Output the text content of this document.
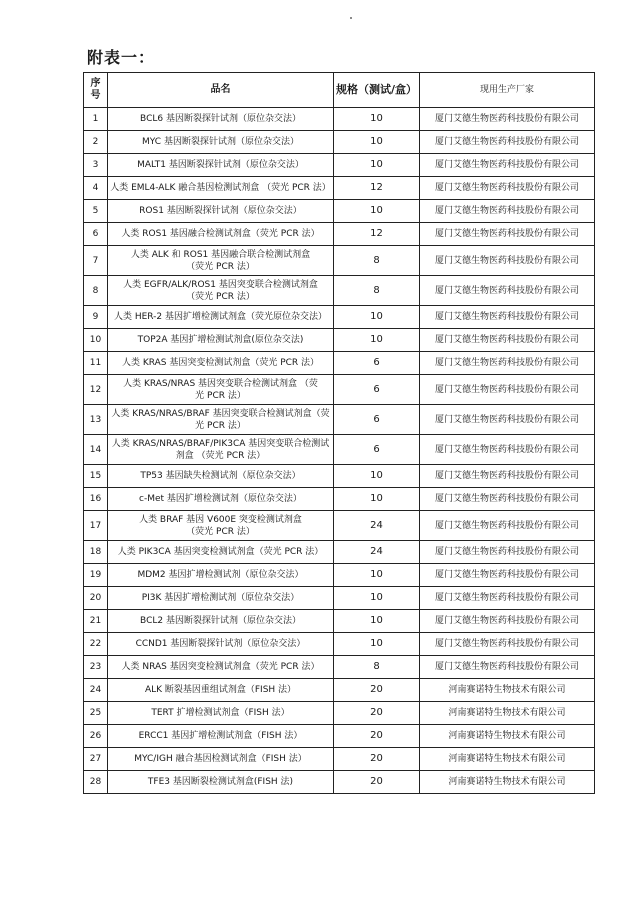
附表一：
序
号	品名	规格（测试/盒）	现用生产厂家
1	BCL6 基因断裂探针试剂（原位杂交法）	10	厦门艾德生物医药科技股份有限公司
2	MYC 基因断裂探针试剂（原位杂交法）	10	厦门艾德生物医药科技股份有限公司
3	MALT1 基因断裂探针试剂（原位杂交法）	10	厦门艾德生物医药科技股份有限公司
4	人类 EML4-ALK 融合基因检测试剂盒 （荧光 PCR 法）	12	厦门艾德生物医药科技股份有限公司
5	ROS1 基因断裂探针试剂（原位杂交法）	10	厦门艾德生物医药科技股份有限公司
6	人类 ROS1 基因融合检测试剂盒（荧光 PCR 法）	12	厦门艾德生物医药科技股份有限公司
7	人类 ALK 和 ROS1 基因融合联合检测试剂盒
（荧光 PCR 法）	8	厦门艾德生物医药科技股份有限公司
8	人类 EGFR/ALK/ROS1 基因突变联合检测试剂盒
（荧光 PCR 法）	8	厦门艾德生物医药科技股份有限公司
9	人类 HER-2 基因扩增检测试剂盒（荧光原位杂交法）	10	厦门艾德生物医药科技股份有限公司
10	TOP2A 基因扩增检测试剂盒(原位杂交法)	10	厦门艾德生物医药科技股份有限公司
11	人类 KRAS 基因突变检测试剂盒（荧光 PCR 法）	6	厦门艾德生物医药科技股份有限公司
12	人类 KRAS/NRAS 基因突变联合检测试剂盒 （荧
光 PCR 法）	6	厦门艾德生物医药科技股份有限公司
13	人类 KRAS/NRAS/BRAF 基因突变联合检测试剂盒（荧
光 PCR 法）	6	厦门艾德生物医药科技股份有限公司
14	人类 KRAS/NRAS/BRAF/PIK3CA 基因突变联合检测试
剂盒 （荧光 PCR 法）	6	厦门艾德生物医药科技股份有限公司
15	TP53 基因缺失检测试剂（原位杂交法）	10	厦门艾德生物医药科技股份有限公司
16	c-Met 基因扩增检测试剂（原位杂交法）	10	厦门艾德生物医药科技股份有限公司
17	人类 BRAF 基因 V600E 突变检测试剂盒
（荧光 PCR 法）	24	厦门艾德生物医药科技股份有限公司
18	人类 PIK3CA 基因突变检测试剂盒（荧光 PCR 法）	24	厦门艾德生物医药科技股份有限公司
19	MDM2 基因扩增检测试剂（原位杂交法）	10	厦门艾德生物医药科技股份有限公司
20	PI3K 基因扩增检测试剂（原位杂交法）	10	厦门艾德生物医药科技股份有限公司
21	BCL2 基因断裂探针试剂（原位杂交法）	10	厦门艾德生物医药科技股份有限公司
22	CCND1 基因断裂探针试剂（原位杂交法）	10	厦门艾德生物医药科技股份有限公司
23	人类 NRAS 基因突变检测试剂盒（荧光 PCR 法）	8	厦门艾德生物医药科技股份有限公司
24	ALK 断裂基因重组试剂盒（FISH 法）	20	河南赛诺特生物技术有限公司
25	TERT 扩增检测试剂盒（FISH 法）	20	河南赛诺特生物技术有限公司
26	ERCC1 基因扩增检测试剂盒（FISH 法）	20	河南赛诺特生物技术有限公司
27	MYC/IGH 融合基因检测试剂盒（FISH 法）	20	河南赛诺特生物技术有限公司
28	TFE3 基因断裂检测试剂盒(FISH 法)	20	河南赛诺特生物技术有限公司
